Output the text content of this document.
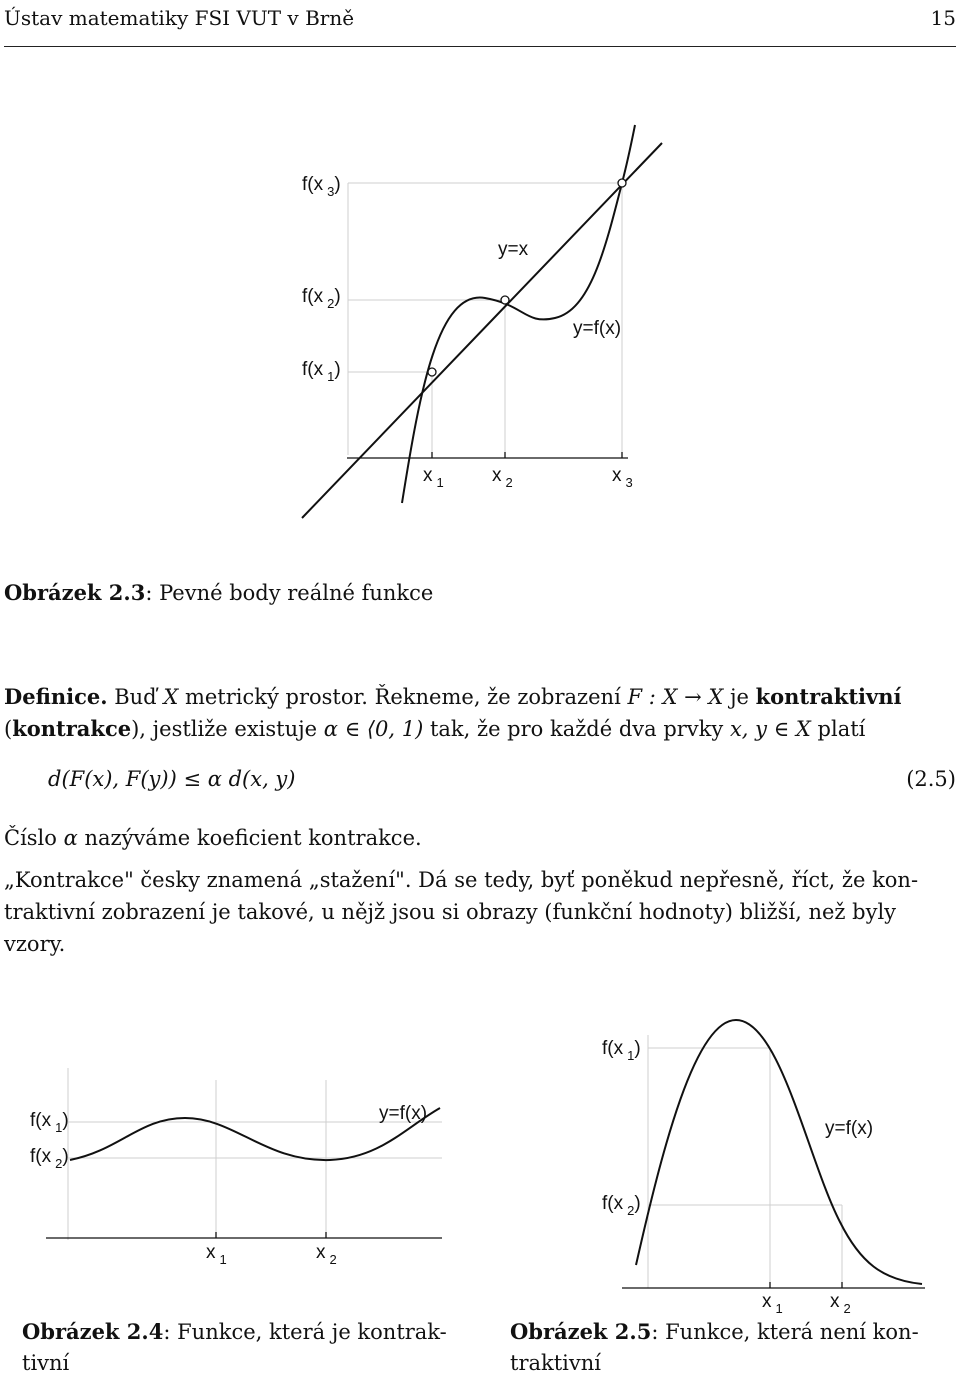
Ústav matematiky FSI VUT v Brně	15
f(x $_3$)
f(x $_2$)
f(x $_1$)
y=x
y=f(x)
x $_1$	x $_2$	x $_3$
Obrázek 2.3: Pevné body reálné funkce
Definice. Buď X metrický prostor. Řekneme, že zobrazení F : X → X je kontraktivní
(kontrakce), jestliže existuje α ∈ ⟨0, 1) tak, že pro každé dva prvky x, y ∈ X platí
d(F(x), F(y)) ≤ α d(x, y)	(2.5)
Číslo α nazýváme koeficient kontrakce.
„Kontrakce" česky znamená „stažení". Dá se tedy, byť poněkud nepřesně, říct, že kon-
traktivní zobrazení je takové, u nějž jsou si obrazy (funkční hodnoty) bližší, než byly
vzory.
f(x $_1$)
f(x $_2$)
y=f(x)
x $_1$	x $_2$
f(x $_1$)
f(x $_2$)
y=f(x)
x $_1$ x $_2$
Obrázek 2.4: Funkce, která je kontrak-
tivní
Obrázek 2.5: Funkce, která není kon-
traktivní
